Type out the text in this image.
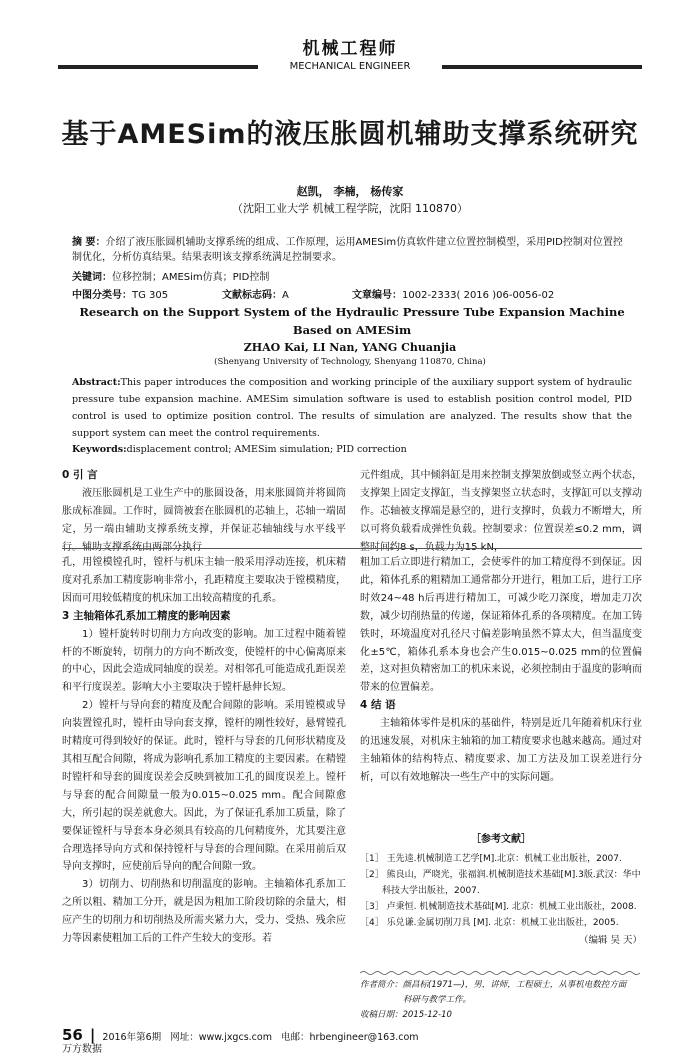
机械工程师
MECHANICAL ENGINEER
基于AMESim的液压胀圆机辅助支撑系统研究
赵凯， 李楠， 杨传家
（沈阳工业大学 机械工程学院，沈阳 110870）
摘 要：介绍了液压胀圆机辅助支撑系统的组成、工作原理，运用AMESim仿真软件建立位置控制模型，采用PID控制对位置控制优化，分析仿真结果。结果表明该支撑系统满足控制要求。
关键词：位移控制；AMESim仿真；PID控制
中图分类号：TG 305	文献标志码：A	文章编号：1002-2333( 2016 )06-0056-02
Research on the Support System of the Hydraulic Pressure Tube Expansion Machine Based on AMESim
ZHAO Kai, LI Nan, YANG Chuanjia
(Shenyang University of Technology, Shenyang 110870, China)
Abstract:This paper introduces the composition and working principle of the auxiliary support system of hydraulic pressure tube expansion machine. AMESim simulation software is used to establish position control model, PID control is used to optimize position control. The results of simulation are analyzed. The results show that the support system can meet the control requirements.
Keywords:displacement control; AMESim simulation; PID correction
0 引 言

液压胀圆机是工业生产中的胀圆设备，用来胀圆筒并将圆筒胀成标准圆。工作时，圆筒被套在胀圆机的芯轴上，芯轴一端固定，另一端由辅助支撑系统支撑，并保证芯轴轴线与水平线平行。辅助支撑系统由两部分执行

元件组成，其中倾斜缸是用来控制支撑架放倒或竖立两个状态，支撑架上固定支撑缸，当支撑架竖立状态时，支撑缸可以支撑动作。芯轴被支撑端是悬空的，进行支撑时，负载力不断增大，所以可将负载看成弹性负载。控制要求：位置误差≤0.2 mm，调整时间约8 s，负载力为15 kN，

孔，用镗模镗孔时，镗杆与机床主轴一般采用浮动连接，机床精度对孔系加工精度影响非常小，孔距精度主要取决于镗模精度，因而可用较低精度的机床加工出较高精度的孔系。

3 主轴箱体孔系加工精度的影响因素

1）镗杆旋转时切削力方向改变的影响。加工过程中随着镗杆的不断旋转，切削力的方向不断改变，使镗杆的中心偏离原来的中心，因此会造成同轴度的误差。对相邻孔可能造成孔距误差和平行度误差。影响大小主要取决于镗杆悬伸长短。

2）镗杆与导向套的精度及配合间隙的影响。采用镗模或导向装置镗孔时，镗杆由导向套支撑，镗杆的刚性较好，悬臂镗孔时精度可得到较好的保证。此时，镗杆与导套的几何形状精度及其相互配合间隙，将成为影响孔系加工精度的主要因素。在精镗时镗杆和导套的圆度误差会反映到被加工孔的圆度误差上。镗杆与导套的配合间隙量一般为0.015~0.025 mm。配合间隙愈大，所引起的误差就愈大。因此，为了保证孔系加工质量，除了要保证镗杆与导套本身必须具有较高的几何精度外，尤其要注意合理选择导向方式和保持镗杆与导套的合理间隙。在采用前后双导向支撑时，应使前后导向的配合间隙一致。

3）切削力、切削热和切削温度的影响。主轴箱体孔系加工之所以粗、精加工分开，就是因为粗加工阶段切除的余量大，相应产生的切削力和切削热及所需夹紧力大，受力、受热、残余应力等因素使粗加工后的工件产生较大的变形。若

粗加工后立即进行精加工，会使零件的加工精度得不到保证。因此，箱体孔系的粗精加工通常都分开进行，粗加工后，进行工序时效24~48 h后再进行精加工，可减少吃刀深度，增加走刀次数，减少切削热量的传递，保证箱体孔系的各项精度。在加工铸铁时，环境温度对孔径尺寸偏差影响虽然不算太大，但当温度变化±5℃，箱体孔系本身也会产生0.015~0.025 mm的位置偏差，这对担负精密加工的机床来说，必须控制由于温度的影响而带来的位置偏差。

4 结 语

主轴箱体零件是机床的基础件，特别是近几年随着机床行业的迅速发展，对机床主轴箱的加工精度要求也越来越高。通过对主轴箱体的结构特点、精度要求、加工方法及加工误差进行分析，可以有效地解决一些生产中的实际问题。

［参考文献］
［1］ 王先逵.机械制造工艺学[M].北京：机械工业出版社，2007.
［2］ 熊良山，严晓光，张福润.机械制造技术基础[M].3版.武汉：华中科技大学出版社，2007.
［3］ 卢秉恒. 机械制造技术基础[M]. 北京：机械工业出版社，2008.
［4］ 乐兑谦.金属切削刀具 [M]. 北京：机械工业出版社，2005.
（编辑 吴 天）
作者简介：颜昌标(1971—)，男，讲师，工程硕士，从事机电数控方面
科研与教学工作。
收稿日期：2015-12-10
56 | 2016年第6期 网址：www.jxgcs.com 电邮：hrbengineer@163.com
万方数据
